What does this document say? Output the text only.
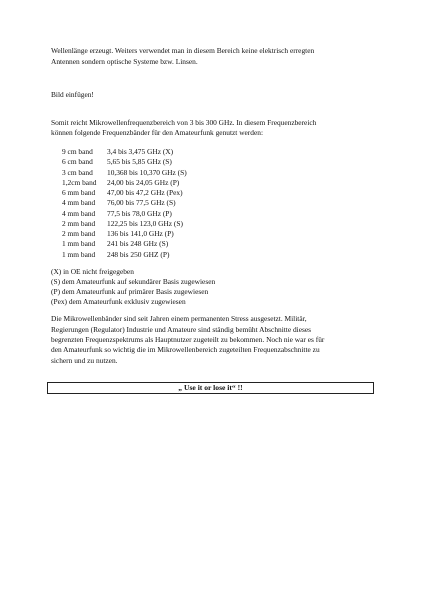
Wellenlänge erzeugt. Weiters verwendet man in diesem Bereich keine elektrisch erregten
Antennen sondern optische Systeme bzw. Linsen.
Bild einfügen!
Somit reicht Mikrowellenfrequenzbereich von 3 bis 300 GHz. In diesem Frequenzbereich
können folgende Frequenzbänder für den Amateurfunk genutzt werden:
9 cm band 3,4 bis 3,475 GHz (X)
6 cm band 5,65 bis 5,85 GHz (S)
3 cm band 10,368 bis 10,370 GHz (S)
1,2cm band 24,00 bis 24,05 GHz (P)
6 mm band 47,00 bis 47,2 GHz (Pex)
4 mm band 76,00 bis 77,5 GHz (S)
4 mm band 77,5 bis 78,0 GHz (P)
2 mm band 122,25 bis 123,0 GHz (S)
2 mm band 136 bis 141,0 GHz (P)
1 mm band 241 bis 248 GHz (S)
1 mm band 248 bis 250 GHZ (P)
(X) in OE nicht freigegeben
(S) dem Amateurfunk auf sekundärer Basis zugewiesen
(P) dem Amateurfunk auf primärer Basis zugewiesen
(Pex) dem Amateurfunk exklusiv zugewiesen
Die Mikrowellenbänder sind seit Jahren einem permanenten Stress ausgesetzt. Militär,
Regierungen (Regulator) Industrie und Amateure sind ständig bemüht Abschnitte dieses
begrenzten Frequenzspektrums als Hauptnutzer zugeteilt zu bekommen. Noch nie war es für
den Amateurfunk so wichtig die im Mikrowellenbereich zugeteilten Frequenzabschnitte zu
sichern und zu nutzen.
„ Use it or lose it“ !!
